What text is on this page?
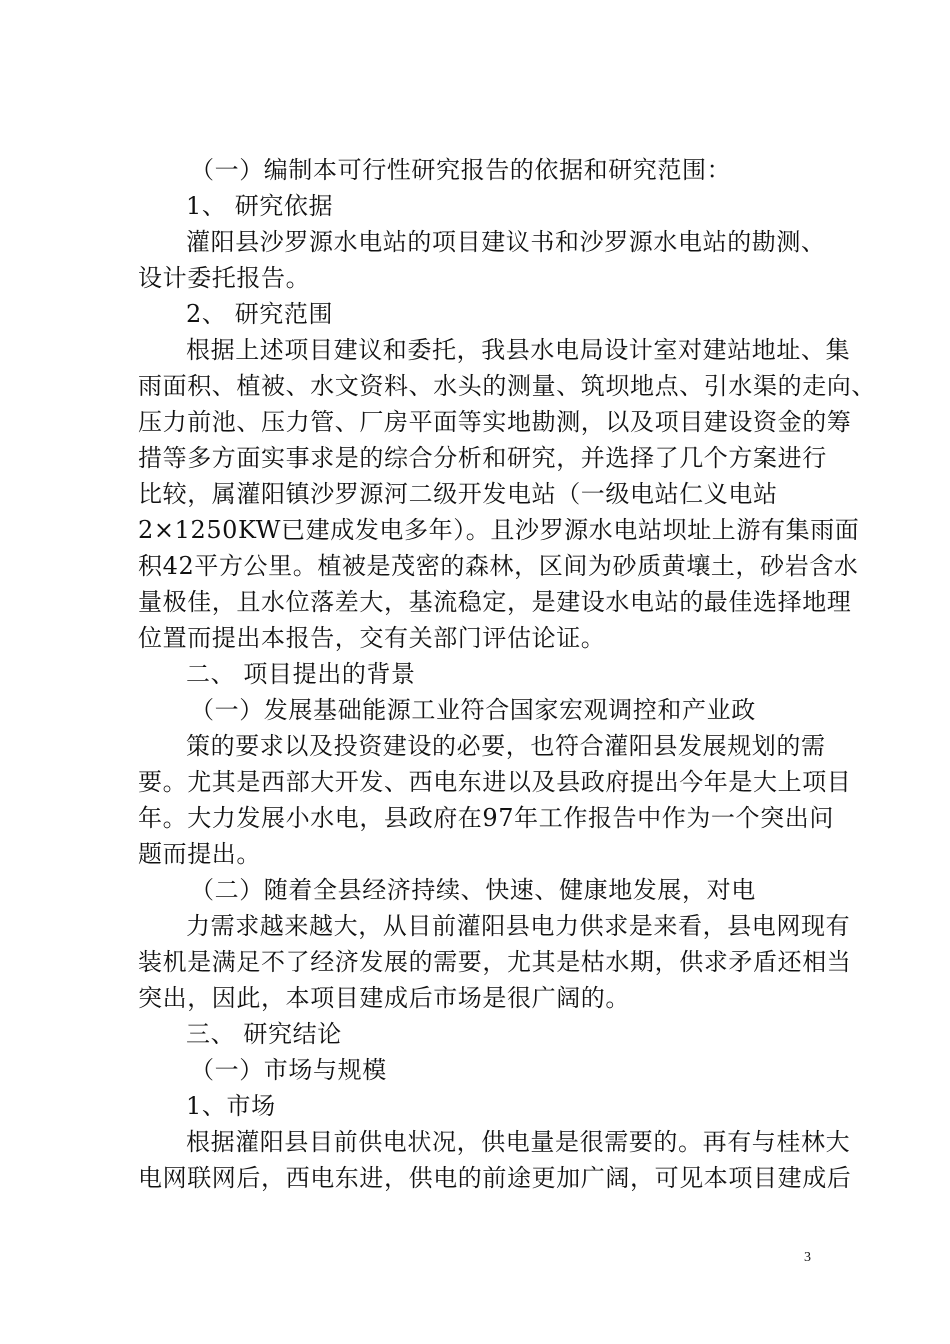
（一）编制本可行性研究报告的依据和研究范围：
1、 研究依据
灌阳县沙罗源水电站的项目建议书和沙罗源水电站的勘测、
设计委托报告。
2、 研究范围
根据上述项目建议和委托，我县水电局设计室对建站地址、集
雨面积、植被、水文资料、水头的测量、筑坝地点、引水渠的走向、
压力前池、压力管、厂房平面等实地勘测，以及项目建设资金的筹
措等多方面实事求是的综合分析和研究，并选择了几个方案进行
比较，属灌阳镇沙罗源河二级开发电站（一级电站仁义电站
2×1250KW已建成发电多年）。且沙罗源水电站坝址上游有集雨面
积42平方公里。植被是茂密的森林，区间为砂质黄壤土，砂岩含水
量极佳，且水位落差大，基流稳定，是建设水电站的最佳选择地理
位置而提出本报告，交有关部门评估论证。
二、 项目提出的背景
（一）发展基础能源工业符合国家宏观调控和产业政
策的要求以及投资建设的必要，也符合灌阳县发展规划的需
要。尤其是西部大开发、西电东进以及县政府提出今年是大上项目
年。大力发展小水电，县政府在97年工作报告中作为一个突出问
题而提出。
（二）随着全县经济持续、快速、健康地发展，对电
力需求越来越大，从目前灌阳县电力供求是来看，县电网现有
装机是满足不了经济发展的需要，尤其是枯水期，供求矛盾还相当
突出，因此，本项目建成后市场是很广阔的。
三、 研究结论
（一）市场与规模
1、市场
根据灌阳县目前供电状况，供电量是很需要的。再有与桂林大
电网联网后，西电东进，供电的前途更加广阔，可见本项目建成后
3
